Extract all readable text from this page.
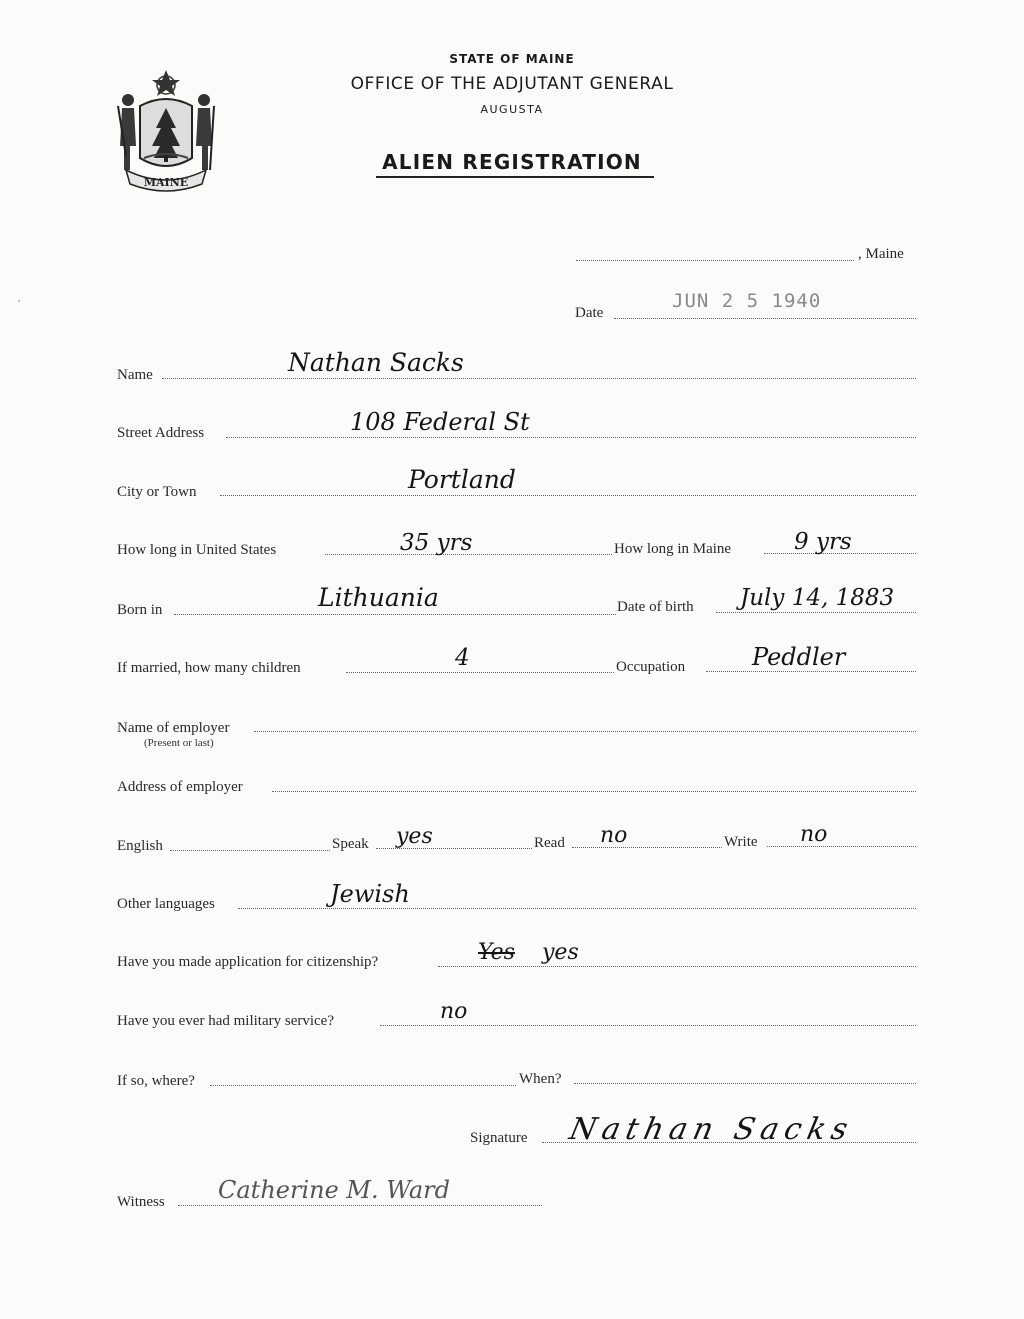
MAINE
STATE OF MAINE
OFFICE OF THE ADJUTANT GENERAL
AUGUSTA
ALIEN REGISTRATION
, Maine
Date
JUN 2 5 1940
Name	Nathan Sacks
Street Address	108 Federal St
City or Town	Portland
How long in United States	35 yrs	How long in Maine	9 yrs
Born in	Lithuania	Date of birth July 14, 1883
If married, how many children	4	Occupation	Peddler
Name of employer
(Present or last)
Address of employer
English	Speak yes	Read no	Write no
Other languages	Jewish
Have you made application for citizenship?	Yes yes
Have you ever had military service?	no
If so, where?	When?
Signature Nathan Sacks
Witness Catherine M. Ward
